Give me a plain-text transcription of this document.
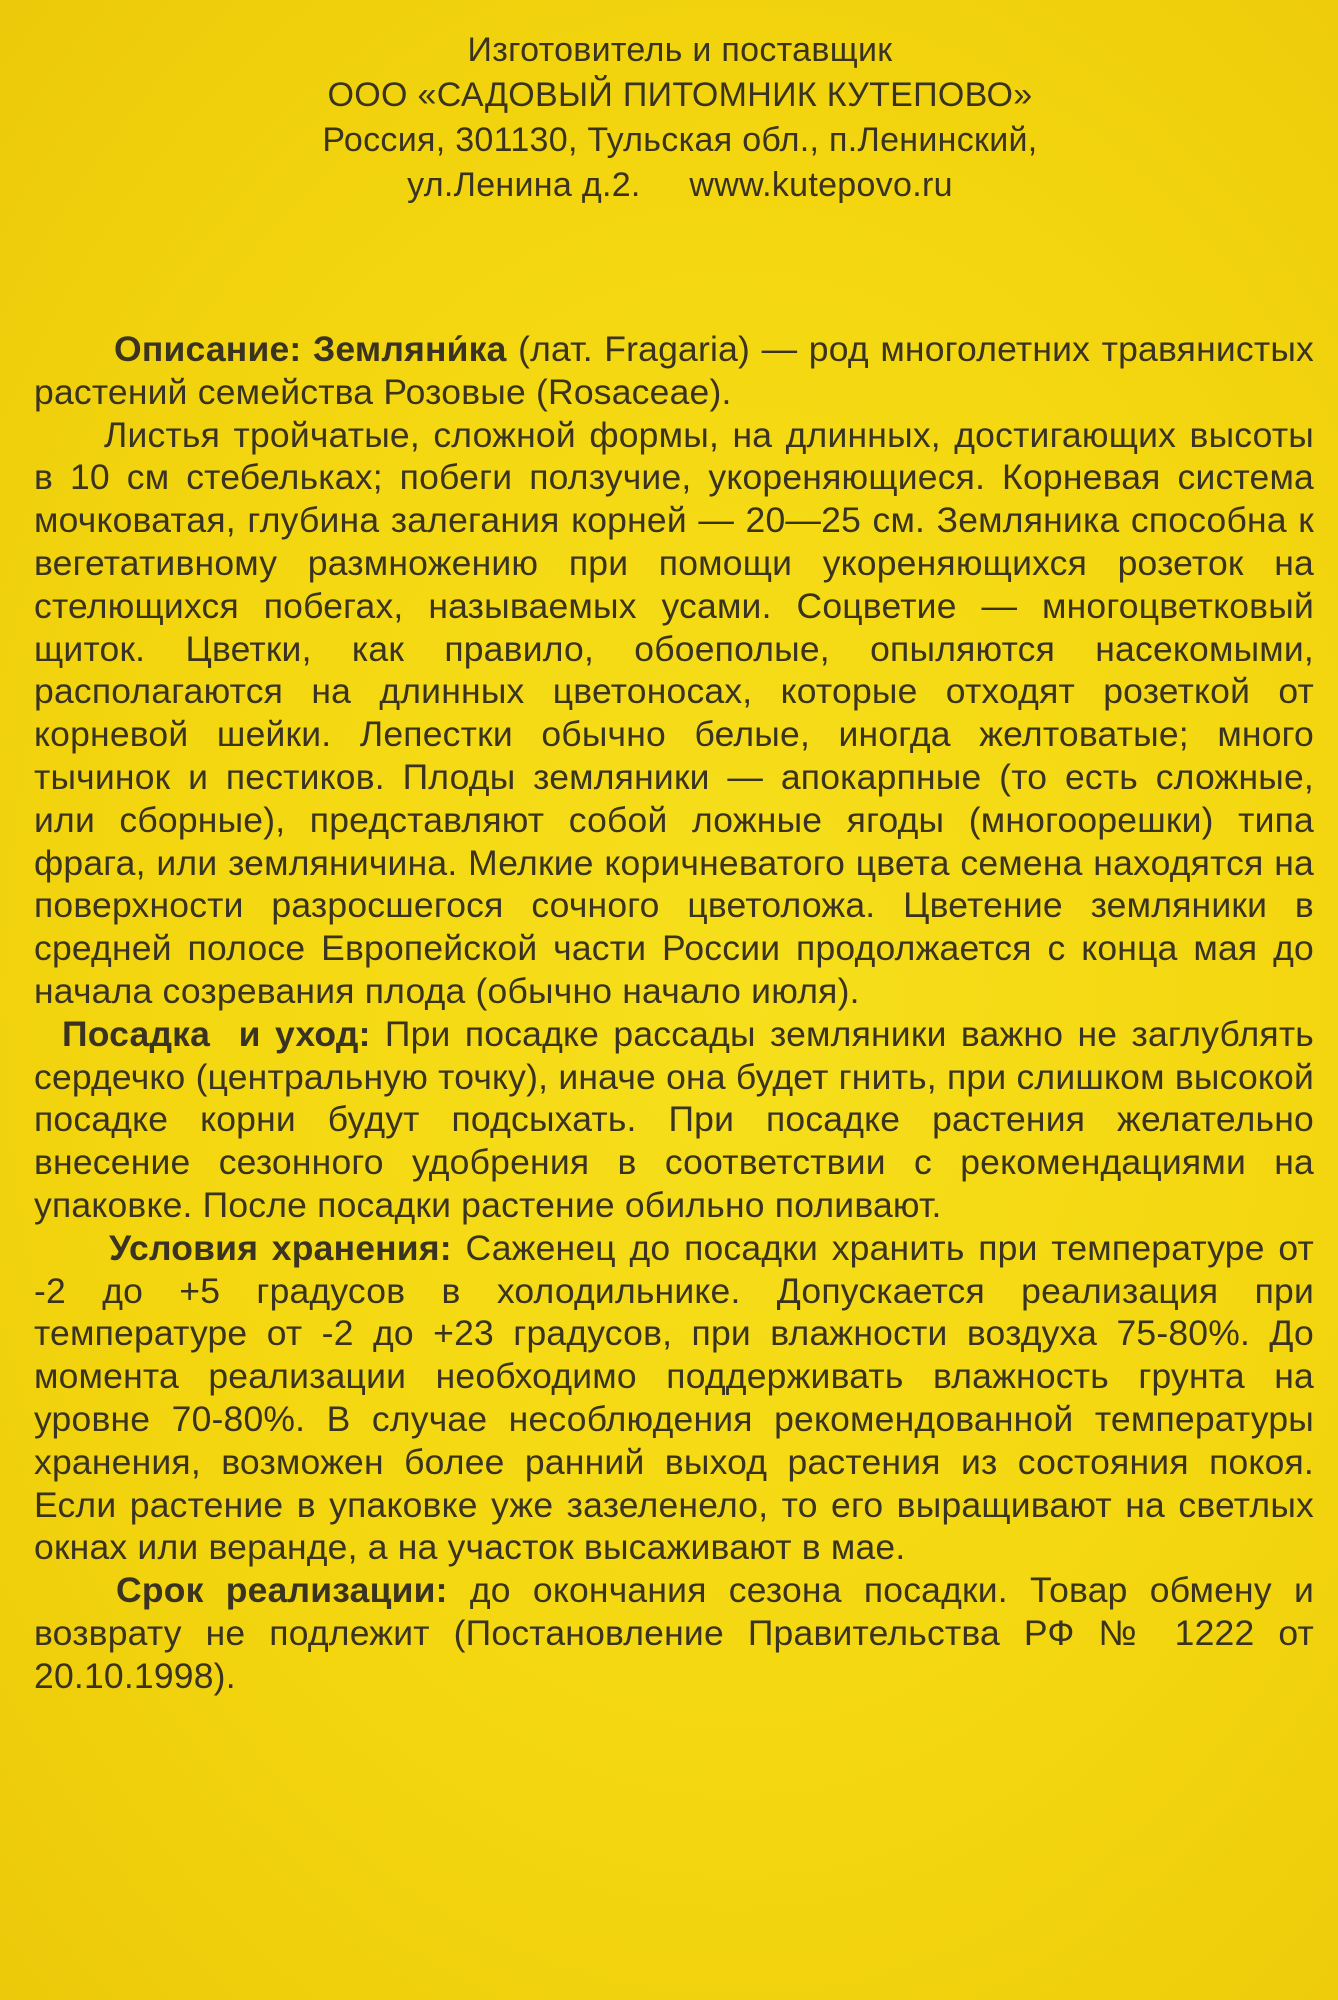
Изготовитель и поставщик
ООО «САДОВЫЙ ПИТОМНИК КУТЕПОВО»
Россия, 301130, Тульская обл., п.Ленинский,
ул.Ленина д.2.     www.kutepovo.ru

Описание: Земляни́ка (лат. Fragaria) — род многолетних травянистых растений семейства Розовые (Rosaceae).

Листья тройчатые, сложной формы, на длинных, достигающих высоты в 10 см стебельках; побеги ползучие, укореняющиеся. Корневая система мочковатая, глубина залегания корней — 20—25 см. Земляника способна к вегетативному размножению при помощи укореняющихся розеток на стелющихся побегах, называемых усами. Соцветие — многоцветковый щиток. Цветки, как правило, обоеполые, опыляются насекомыми, располагаются на длинных цветоносах, которые отходят розеткой от корневой шейки. Лепестки обычно белые, иногда желтоватые; много тычинок и пестиков. Плоды земляники — апокарпные (то есть сложные, или сборные), представляют собой ложные ягоды (многоорешки) типа фрага, или земляничина. Мелкие коричневатого цвета семена находятся на поверхности разросшегося сочного цветоложа. Цветение земляники в средней полосе Европейской части России продолжается с конца мая до начала созревания плода (обычно начало июля).

Посадка  и уход: При посадке рассады земляники важно не заглублять сердечко (центральную точку), иначе она будет гнить, при слишком высокой посадке корни будут подсыхать. При посадке растения желательно внесение сезонного удобрения в соответствии с рекомендациями на упаковке. После посадки растение обильно поливают.

Условия хранения: Саженец до посадки хранить при температуре от -2 до +5 градусов в холодильнике. Допускается реализация при температуре от -2 до +23 градусов, при влажности воздуха 75-80%. До момента реализации необходимо поддерживать влажность грунта на уровне 70-80%. В случае несоблюдения рекомендованной температуры хранения, возможен более ранний выход растения из состояния покоя. Если растение в упаковке уже зазеленело, то его выращивают на светлых окнах или веранде, а на участок высаживают в мае.

Срок реализации: до окончания сезона посадки. Товар обмену и возврату не подлежит (Постановление Правительства РФ № 1222 от 20.10.1998).
